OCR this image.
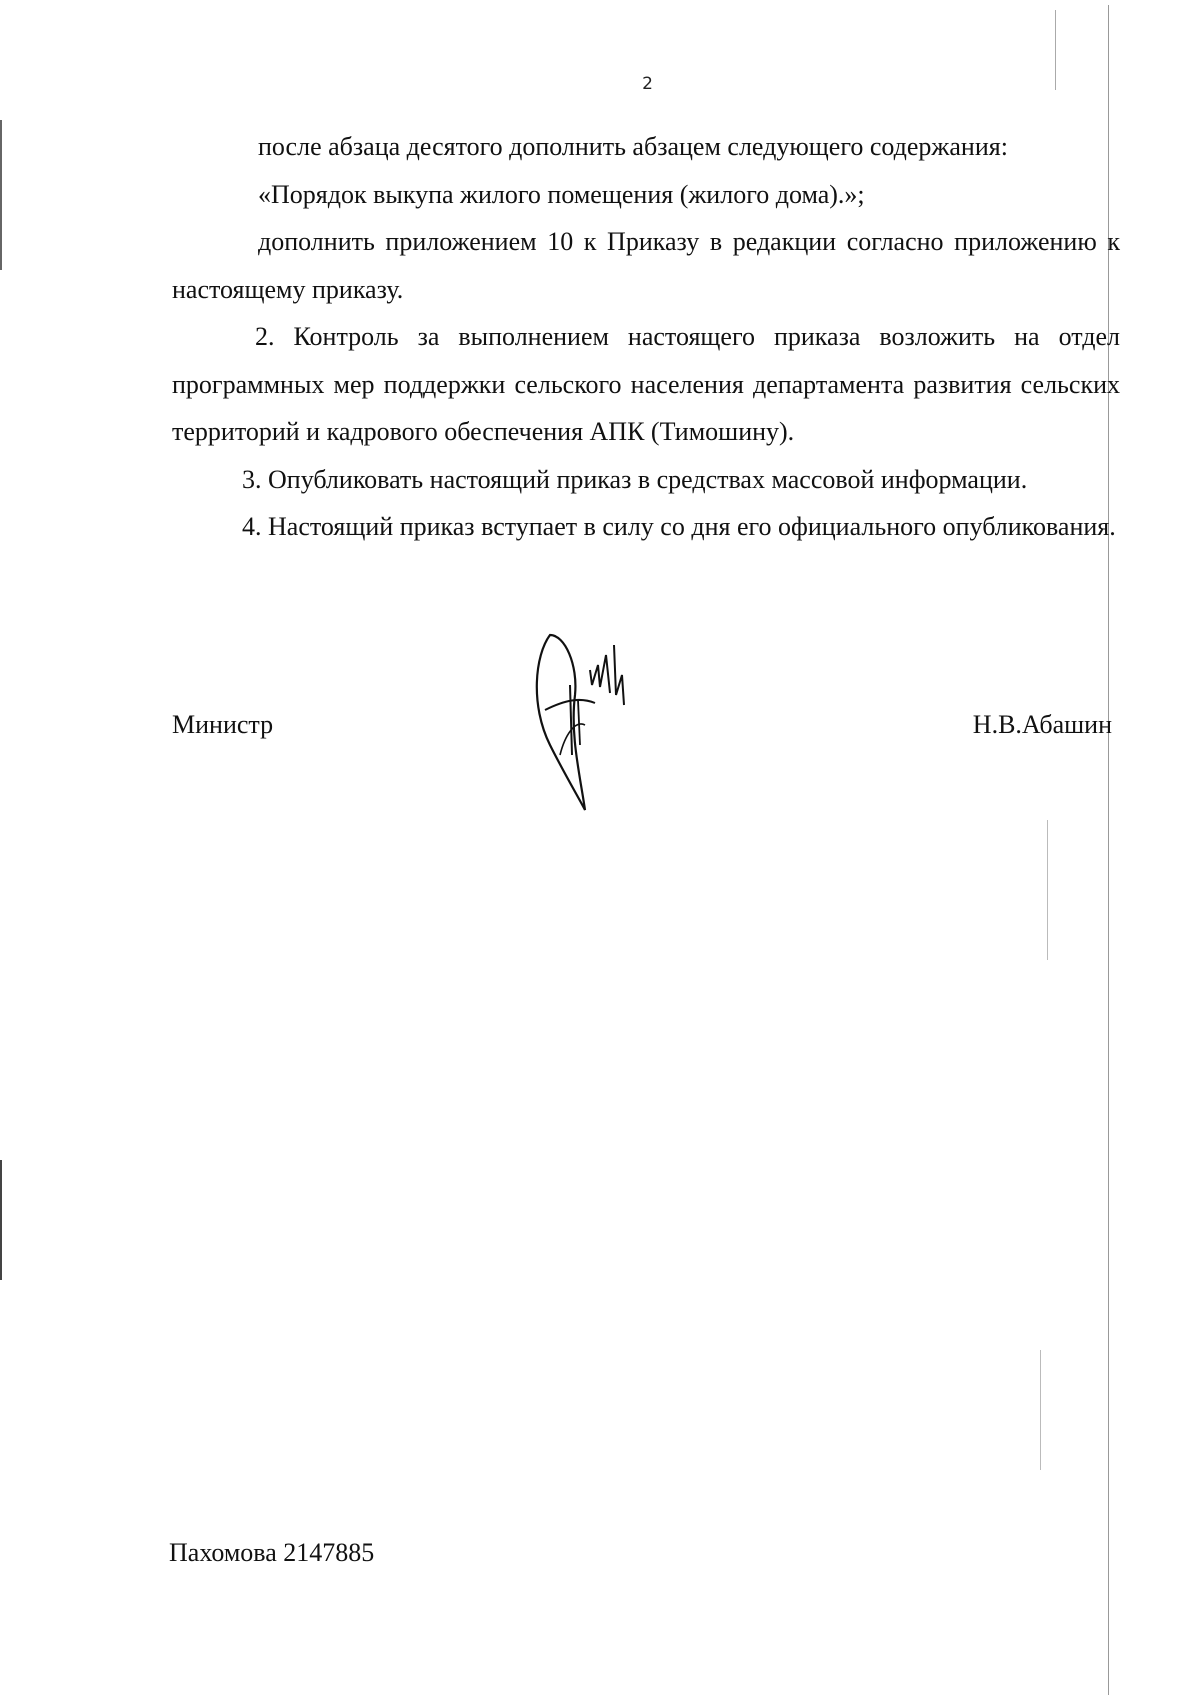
2

после абзаца десятого дополнить абзацем следующего содержания:

«Порядок выкупа жилого помещения (жилого дома).»;

дополнить приложением 10 к Приказу в редакции согласно приложению к настоящему приказу.

2. Контроль за выполнением настоящего приказа возложить на отдел программных мер поддержки сельского населения департамента развития сельских территорий и кадрового обеспечения АПК (Тимошину).

3. Опубликовать настоящий приказ в средствах массовой информации.

4. Настоящий приказ вступает в силу со дня его официального опубликования.

Министр	Н.В.Абашин
Пахомова 2147885
